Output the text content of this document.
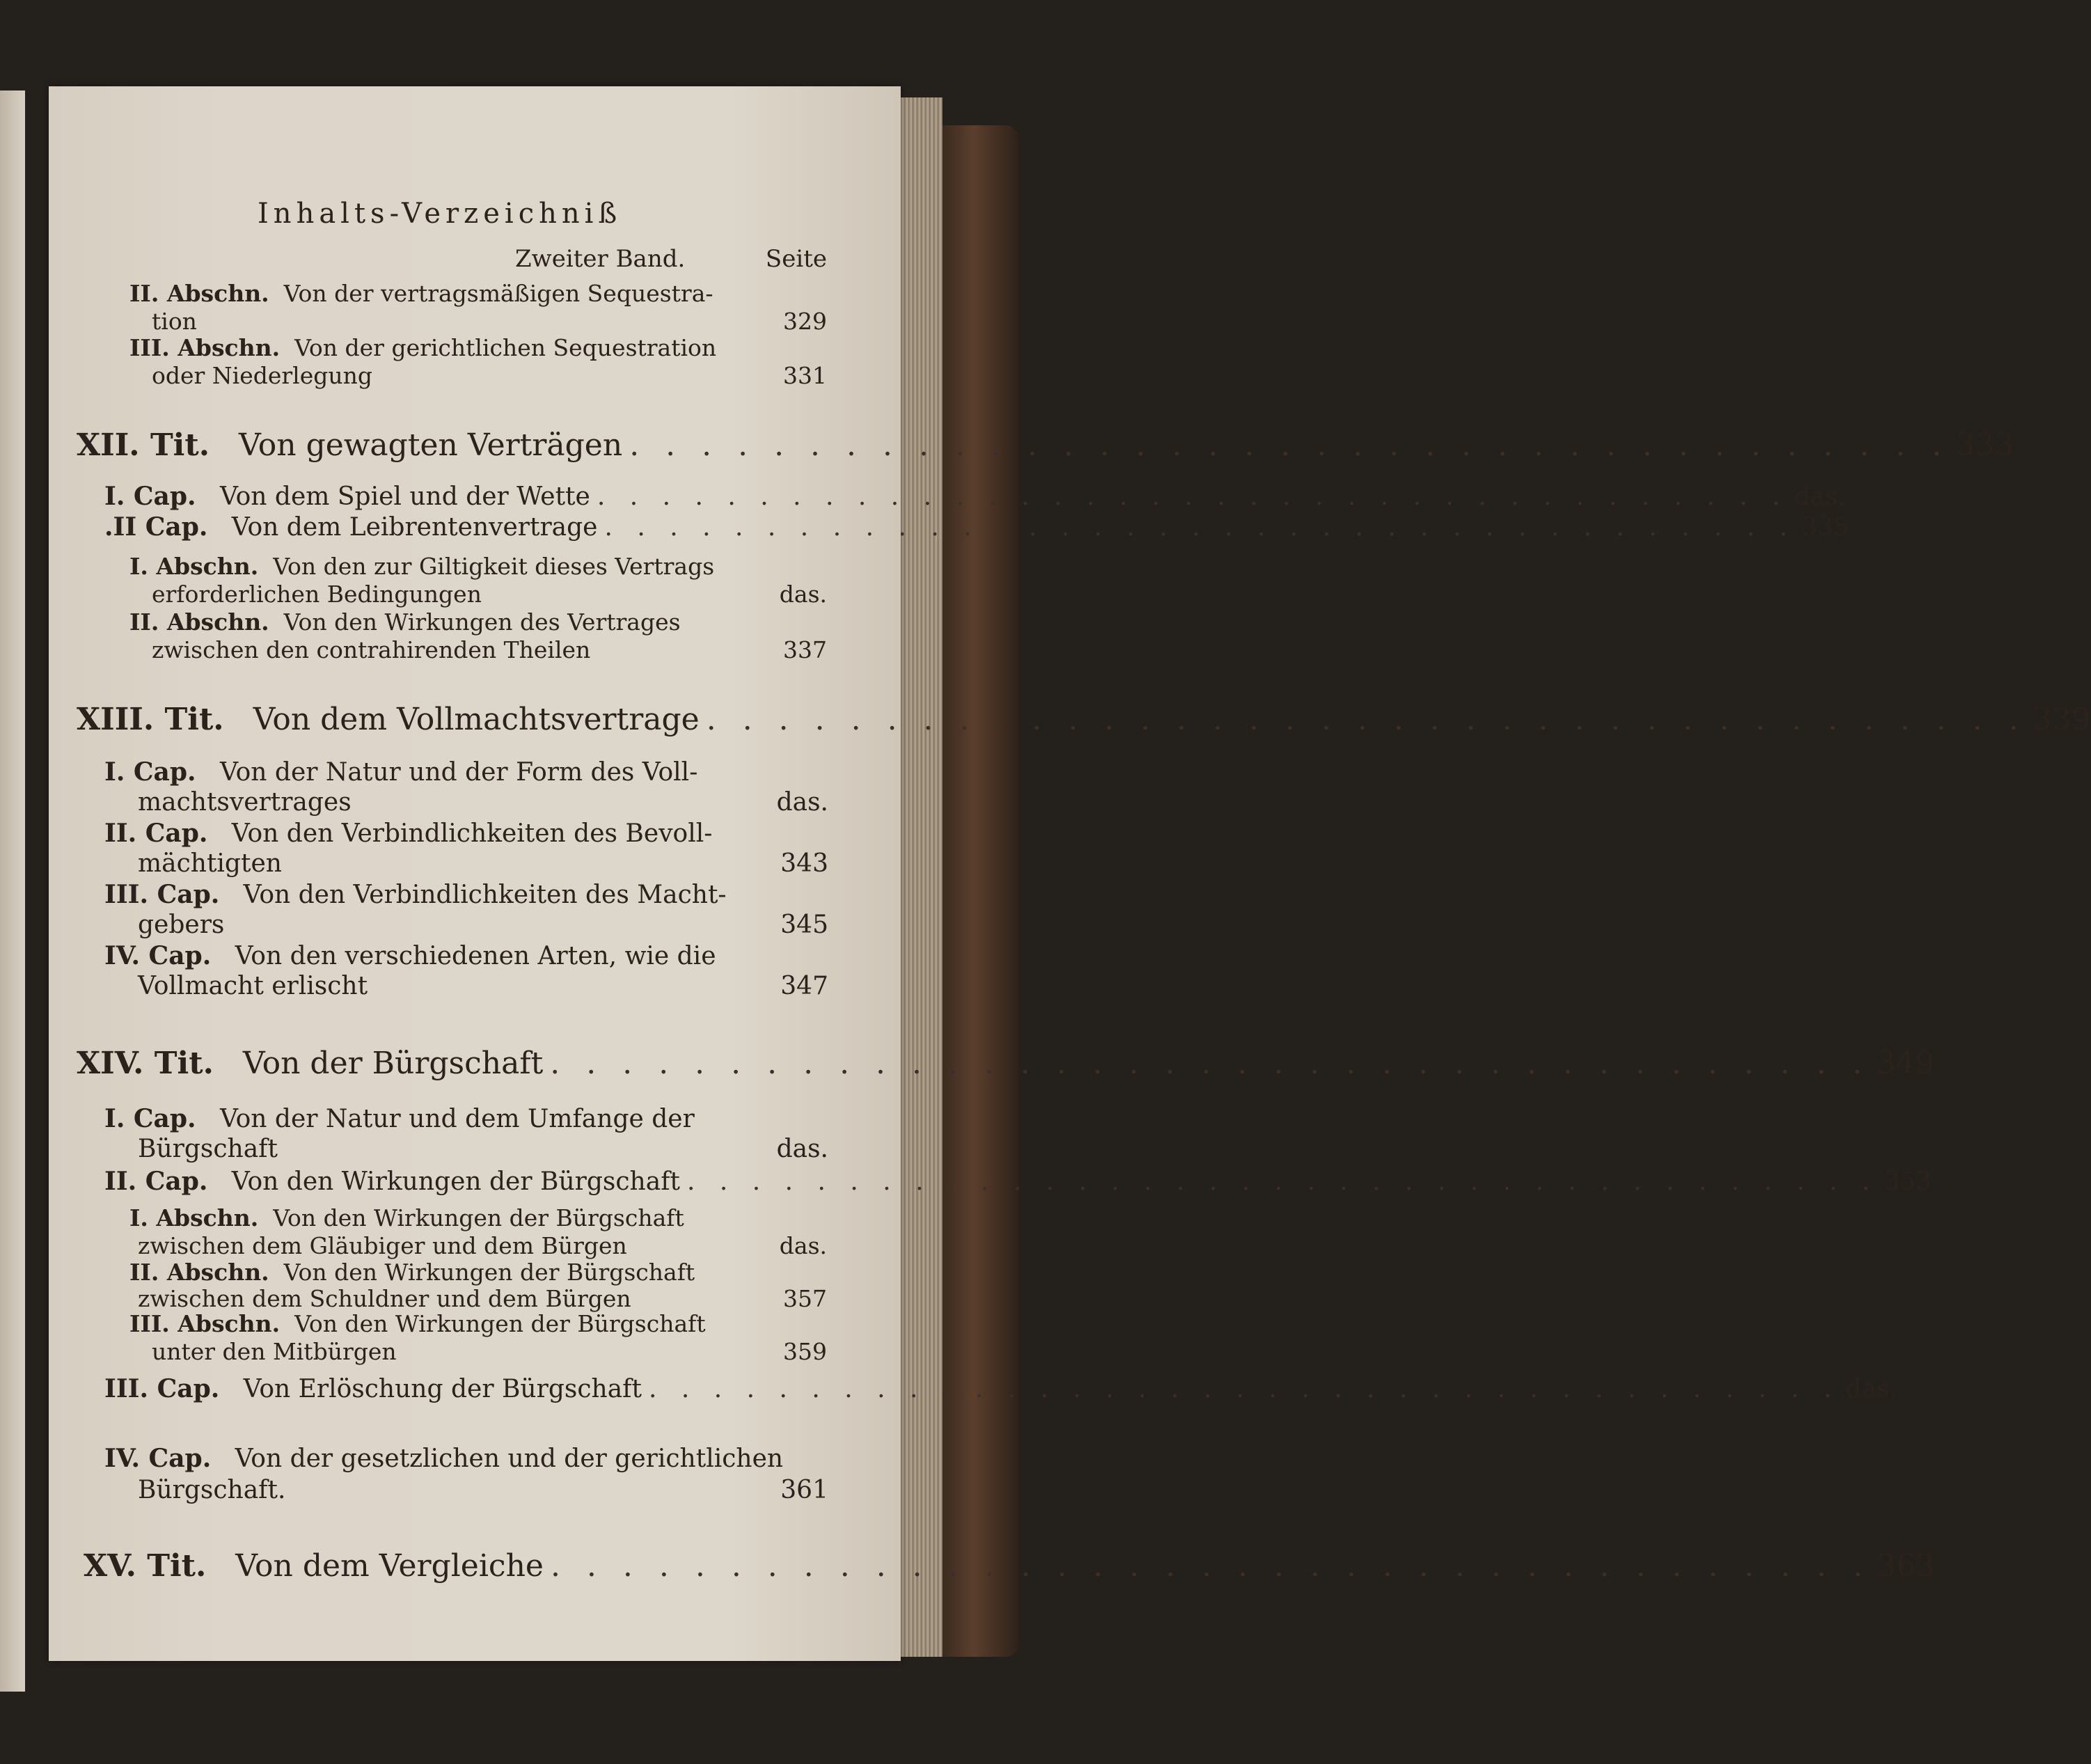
Inhalts-Verzeichniß
Zweiter Band.	Seite
II. Abschn.
Von der vertragsmäßigen Sequestra-
tion	329
III. Abschn.
Von der gerichtlichen Sequestration
oder Niederlegung	331
XII. Tit.
Von gewagten Verträgen . . .	333
I. Cap.
Von dem Spiel und der Wette . . .	das.
.II Cap.
Von dem Leibrentenvertrage . . .	335
I. Abschn.
Von den zur Giltigkeit dieses Vertrags
erforderlichen Bedingungen	das.
II. Abschn.
Von den Wirkungen des Vertrages
zwischen den contrahirenden Theilen	337
XIII. Tit.
Von dem Vollmachtsvertrage . . .	339
I. Cap.
Von der Natur und der Form des Voll-
machtsvertrages	das.
II. Cap.
Von den Verbindlichkeiten des Bevoll-
mächtigten	343
III. Cap.
Von den Verbindlichkeiten des Macht-
gebers	345
IV. Cap.
Von den verschiedenen Arten, wie die
Vollmacht erlischt	347
XIV. Tit.
Von der Bürgschaft . . .	349
I. Cap.
Von der Natur und dem Umfange der
Bürgschaft	das.
II. Cap.
Von den Wirkungen der Bürgschaft . . .	353
I. Abschn.
Von den Wirkungen der Bürgschaft
zwischen dem Gläubiger und dem Bürgen	das.
II. Abschn.
Von den Wirkungen der Bürgschaft
zwischen dem Schuldner und dem Bürgen	357
III. Abschn.
Von den Wirkungen der Bürgschaft
unter den Mitbürgen	359
III. Cap.
Von Erlöschung der Bürgschaft . . .	das.
IV. Cap.
Von der gesetzlichen und der gerichtlichen
Bürgschaft.	361
XV. Tit.
Von dem Vergleiche . . .	363
